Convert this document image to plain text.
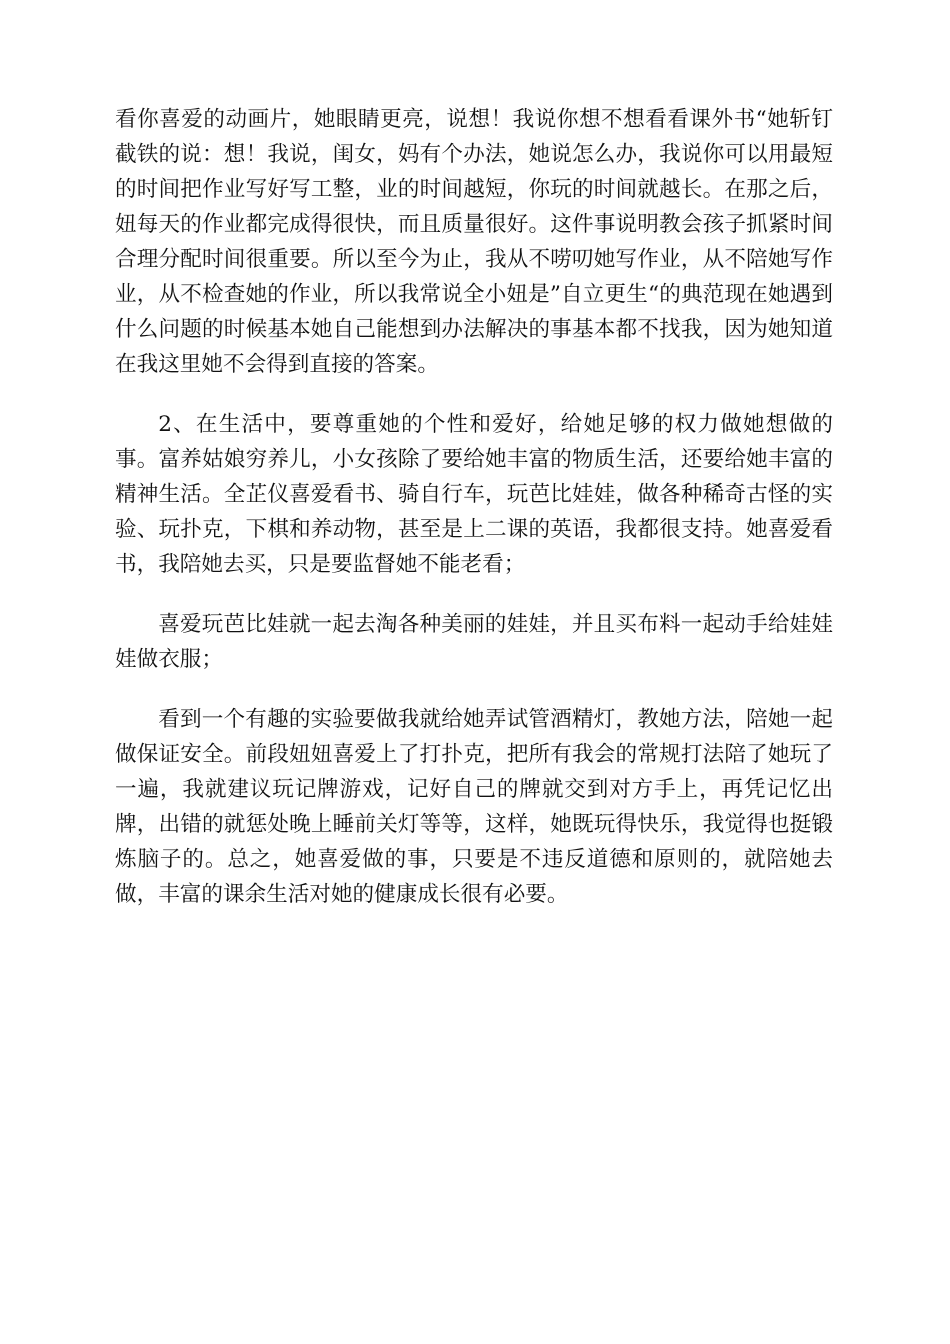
看你喜爱的动画片，她眼睛更亮，说想！我说你想不想看看课外书“她斩钉截铁的说：想！我说，闺女，妈有个办法，她说怎么办，我说你可以用最短的时间把作业写好写工整，业的时间越短，你玩的时间就越长。在那之后，妞每天的作业都完成得很快，而且质量很好。这件事说明教会孩子抓紧时间合理分配时间很重要。所以至今为止，我从不唠叨她写作业，从不陪她写作业，从不检查她的作业，所以我常说全小妞是”自立更生“的典范现在她遇到什么问题的时候基本她自己能想到办法解决的事基本都不找我，因为她知道在我这里她不会得到直接的答案。

2、在生活中，要尊重她的个性和爱好，给她足够的权力做她想做的事。富养姑娘穷养儿，小女孩除了要给她丰富的物质生活，还要给她丰富的精神生活。全芷仪喜爱看书、骑自行车，玩芭比娃娃，做各种稀奇古怪的实验、玩扑克，下棋和养动物，甚至是上二课的英语，我都很支持。她喜爱看书，我陪她去买，只是要监督她不能老看；

喜爱玩芭比娃就一起去淘各种美丽的娃娃，并且买布料一起动手给娃娃娃做衣服；

看到一个有趣的实验要做我就给她弄试管酒精灯，教她方法，陪她一起做保证安全。前段妞妞喜爱上了打扑克，把所有我会的常规打法陪了她玩了一遍，我就建议玩记牌游戏，记好自己的牌就交到对方手上，再凭记忆出牌，出错的就惩处晚上睡前关灯等等，这样，她既玩得快乐，我觉得也挺锻炼脑子的。总之，她喜爱做的事，只要是不违反道德和原则的，就陪她去做，丰富的课余生活对她的健康成长很有必要。
